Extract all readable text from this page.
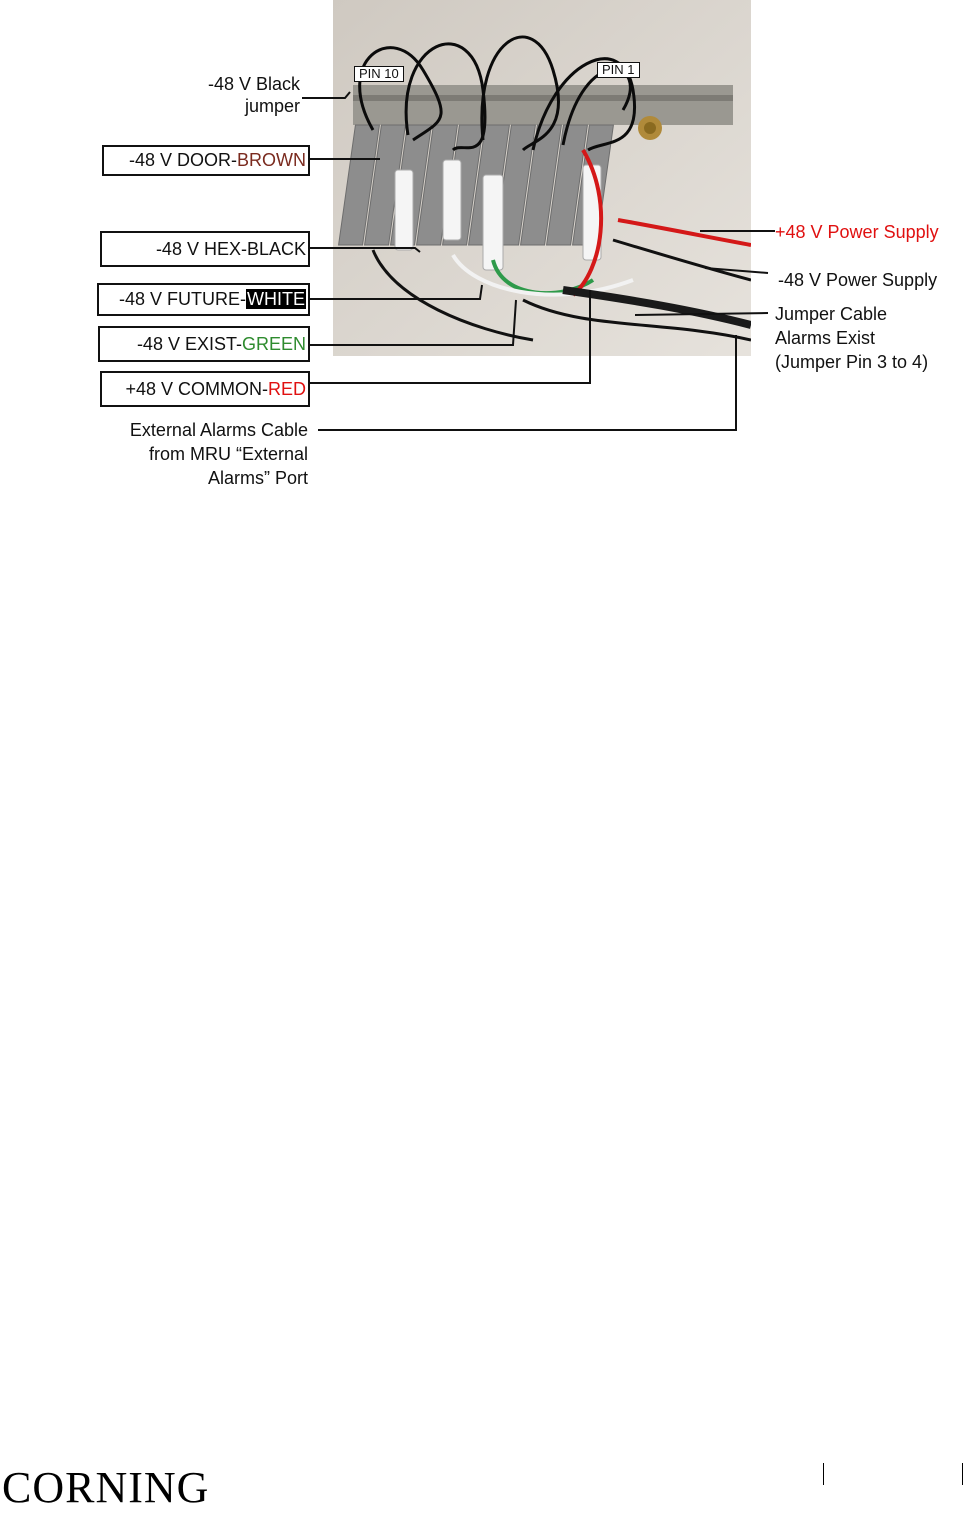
PIN 10	PIN 1
-48 V Black
jumper
-48 V DOOR-BROWN
-48 V HEX-BLACK
-48 V FUTURE-WHITE
-48 V EXIST-GREEN
+48 V COMMON-RED
External Alarms Cable
from MRU “External
Alarms” Port
+48 V Power Supply
-48 V Power Supply
Jumper Cable
Alarms Exist
(Jumper Pin 3 to 4)
CORNING
